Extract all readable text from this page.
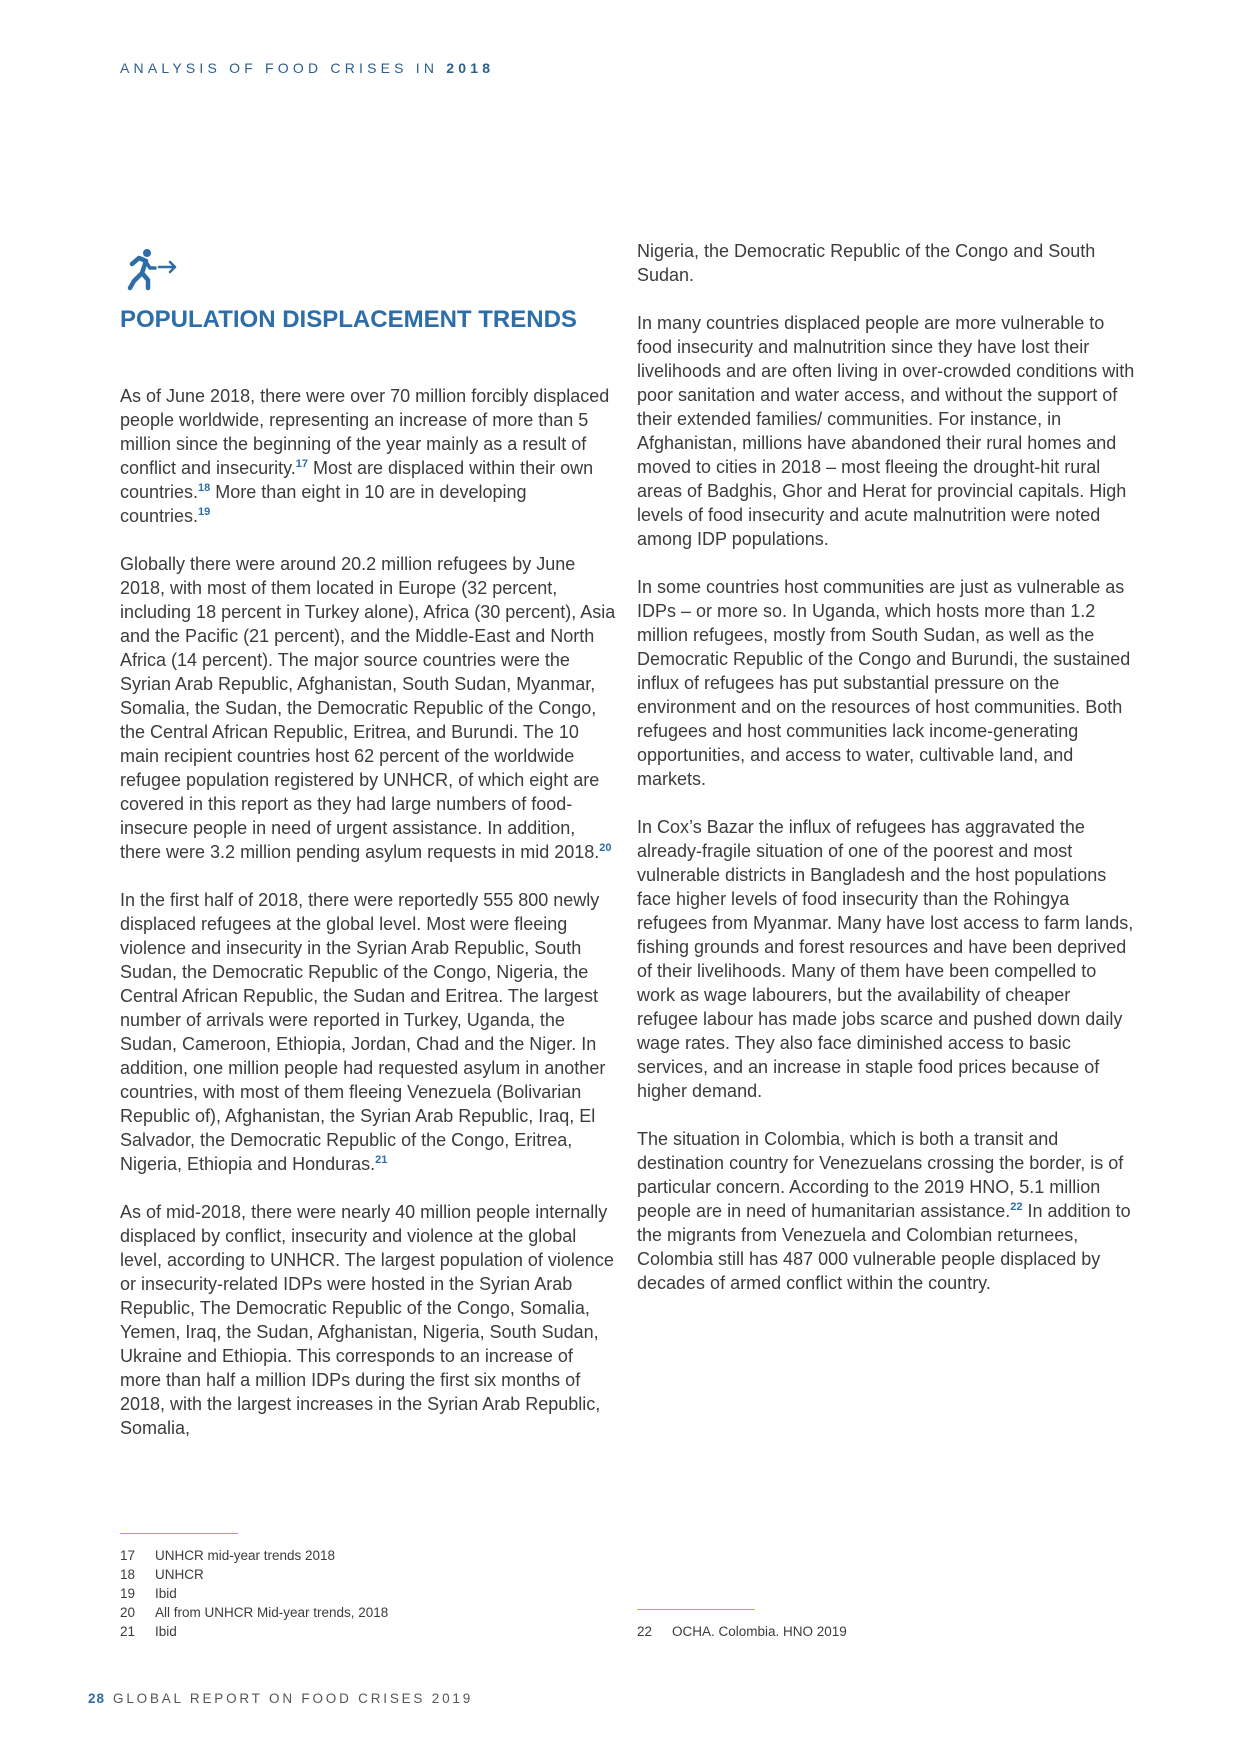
ANALYSIS OF FOOD CRISES IN 2018
POPULATION DISPLACEMENT TRENDS

As of June 2018, there were over 70 million forcibly displaced people worldwide, representing an increase of more than 5 million since the beginning of the year mainly as a result of conflict and insecurity.$^{17}$ Most are displaced within their own countries.$^{18}$ More than eight in 10 are in developing countries.$^{19}$

Globally there were around 20.2 million refugees by June 2018, with most of them located in Europe (32 percent, including 18 percent in Turkey alone), Africa (30 percent), Asia and the Pacific (21 percent), and the Middle-East and North Africa (14 percent). The major source countries were the Syrian Arab Republic, Afghanistan, South Sudan, Myanmar, Somalia, the Sudan, the Democratic Republic of the Congo, the Central African Republic, Eritrea, and Burundi. The 10 main recipient countries host 62 percent of the worldwide refugee population registered by UNHCR, of which eight are covered in this report as they had large numbers of food-insecure people in need of urgent assistance. In addition, there were 3.2 million pending asylum requests in mid 2018.20

In the first half of 2018, there were reportedly 555 800 newly displaced refugees at the global level. Most were fleeing violence and insecurity in the Syrian Arab Republic, South Sudan, the Democratic Republic of the Congo, Nigeria, the Central African Republic, the Sudan and Eritrea. The largest number of arrivals were reported in Turkey, Uganda, the Sudan, Cameroon, Ethiopia, Jordan, Chad and the Niger. In addition, one million people had requested asylum in another countries, with most of them fleeing Venezuela (Bolivarian Republic of), Afghanistan, the Syrian Arab Republic, Iraq, El Salvador, the Democratic Republic of the Congo, Eritrea, Nigeria, Ethiopia and Honduras.$^{21}$

As of mid-2018, there were nearly 40 million people internally displaced by conflict, insecurity and violence at the global level, according to UNHCR. The largest population of violence or insecurity-related IDPs were hosted in the Syrian Arab Republic, The Democratic Republic of the Congo, Somalia, Yemen, Iraq, the Sudan, Afghanistan, Nigeria, South Sudan, Ukraine and Ethiopia. This corresponds to an increase of more than half a million IDPs during the first six months of 2018, with the largest increases in the Syrian Arab Republic, Somalia,

Nigeria, the Democratic Republic of the Congo and South Sudan.

In many countries displaced people are more vulnerable to food insecurity and malnutrition since they have lost their livelihoods and are often living in over-crowded conditions with poor sanitation and water access, and without the support of their extended families/ communities. For instance, in Afghanistan, millions have abandoned their rural homes and moved to cities in 2018 – most fleeing the drought-hit rural areas of Badghis, Ghor and Herat for provincial capitals. High levels of food insecurity and acute malnutrition were noted among IDP populations.

In some countries host communities are just as vulnerable as IDPs – or more so. In Uganda, which hosts more than 1.2 million refugees, mostly from South Sudan, as well as the Democratic Republic of the Congo and Burundi, the sustained influx of refugees has put substantial pressure on the environment and on the resources of host communities. Both refugees and host communities lack income-generating opportunities, and access to water, cultivable land, and markets.

In Cox’s Bazar the influx of refugees has aggravated the already-fragile situation of one of the poorest and most vulnerable districts in Bangladesh and the host populations face higher levels of food insecurity than the Rohingya refugees from Myanmar. Many have lost access to farm lands, fishing grounds and forest resources and have been deprived of their livelihoods. Many of them have been compelled to work as wage labourers, but the availability of cheaper refugee labour has made jobs scarce and pushed down daily wage rates. They also face diminished access to basic services, and an increase in staple food prices because of higher demand.

The situation in Colombia, which is both a transit and destination country for Venezuelans crossing the border, is of particular concern. According to the 2019 HNO, 5.1 million people are in need of humanitarian assistance.$^{22}$ In addition to the migrants from Venezuela and Colombian returnees, Colombia still has 487 000 vulnerable people displaced by decades of armed conflict within the country.

17 UNHCR mid-year trends 2018
18 UNHCR
19 Ibid
20 All from UNHCR Mid-year trends, 2018
21 Ibid	22 OCHA. Colombia. HNO 2019
28 GLOBAL REPORT ON FOOD CRISES 2019
